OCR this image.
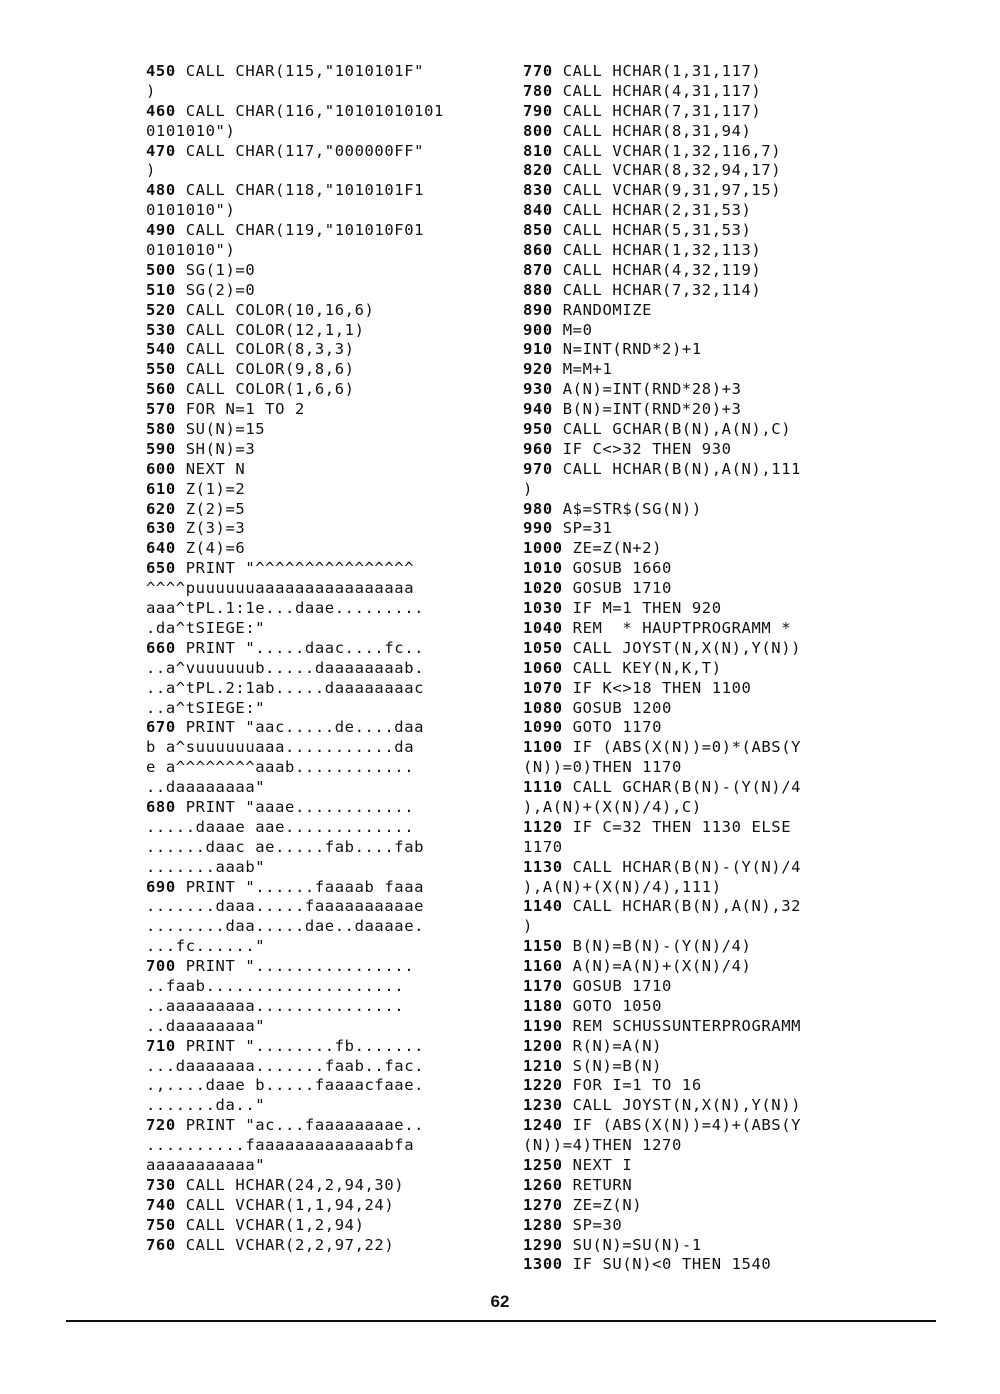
450 CALL CHAR(115,"1010101F"
)
460 CALL CHAR(116,"10101010101
0101010")
470 CALL CHAR(117,"000000FF"
)
480 CALL CHAR(118,"1010101F1
0101010")
490 CALL CHAR(119,"101010F01
0101010")
500 SG(1)=0
510 SG(2)=0
520 CALL COLOR(10,16,6)
530 CALL COLOR(12,1,1)
540 CALL COLOR(8,3,3)
550 CALL COLOR(9,8,6)
560 CALL COLOR(1,6,6)
570 FOR N=1 TO 2
580 SU(N)=15
590 SH(N)=3
600 NEXT N
610 Z(1)=2
620 Z(2)=5
630 Z(3)=3
640 Z(4)=6
650 PRINT "^^^^^^^^^^^^^^^^
^^^^puuuuuuaaaaaaaaaaaaaaaa
aaa^tPL.1:1e...daae.........
.da^tSIEGE:"
660 PRINT ".....daac....fc..
..a^vuuuuuub.....daaaaaaaab.
..a^tPL.2:1ab.....daaaaaaaac
..a^tSIEGE:"
670 PRINT "aac.....de....daa
b a^suuuuuuaaa...........da
e a^^^^^^^^aaab............
..daaaaaaaa"
680 PRINT "aaae............
.....daaae aae.............
......daac ae.....fab....fab
.......aaab"
690 PRINT "......faaaab faaa
.......daaa.....faaaaaaaaaae
........daa.....dae..daaaae.
...fc......"
700 PRINT "................
..faab....................
..aaaaaaaaa...............
..daaaaaaaa"
710 PRINT "........fb.......
...daaaaaaa.......faab..fac.
.,....daae b.....faaaacfaae.
.......da.."
720 PRINT "ac...faaaaaaaae..
..........faaaaaaaaaaaaabfa
aaaaaaaaaaa"
730 CALL HCHAR(24,2,94,30)
740 CALL VCHAR(1,1,94,24)
750 CALL VCHAR(1,2,94)
760 CALL VCHAR(2,2,97,22)
770 CALL HCHAR(1,31,117)
780 CALL HCHAR(4,31,117)
790 CALL HCHAR(7,31,117)
800 CALL HCHAR(8,31,94)
810 CALL VCHAR(1,32,116,7)
820 CALL VCHAR(8,32,94,17)
830 CALL VCHAR(9,31,97,15)
840 CALL HCHAR(2,31,53)
850 CALL HCHAR(5,31,53)
860 CALL HCHAR(1,32,113)
870 CALL HCHAR(4,32,119)
880 CALL HCHAR(7,32,114)
890 RANDOMIZE
900 M=0
910 N=INT(RND*2)+1
920 M=M+1
930 A(N)=INT(RND*28)+3
940 B(N)=INT(RND*20)+3
950 CALL GCHAR(B(N),A(N),C)
960 IF C<>32 THEN 930
970 CALL HCHAR(B(N),A(N),111
)
980 A$=STR$(SG(N))
990 SP=31
1000 ZE=Z(N+2)
1010 GOSUB 1660
1020 GOSUB 1710
1030 IF M=1 THEN 920
1040 REM  * HAUPTPROGRAMM *
1050 CALL JOYST(N,X(N),Y(N))
1060 CALL KEY(N,K,T)
1070 IF K<>18 THEN 1100
1080 GOSUB 1200
1090 GOTO 1170
1100 IF (ABS(X(N))=0)*(ABS(Y
(N))=0)THEN 1170
1110 CALL GCHAR(B(N)-(Y(N)/4
),A(N)+(X(N)/4),C)
1120 IF C=32 THEN 1130 ELSE
1170
1130 CALL HCHAR(B(N)-(Y(N)/4
),A(N)+(X(N)/4),111)
1140 CALL HCHAR(B(N),A(N),32
)
1150 B(N)=B(N)-(Y(N)/4)
1160 A(N)=A(N)+(X(N)/4)
1170 GOSUB 1710
1180 GOTO 1050
1190 REM SCHUSSUNTERPROGRAMM
1200 R(N)=A(N)
1210 S(N)=B(N)
1220 FOR I=1 TO 16
1230 CALL JOYST(N,X(N),Y(N))
1240 IF (ABS(X(N))=4)+(ABS(Y
(N))=4)THEN 1270
1250 NEXT I
1260 RETURN
1270 ZE=Z(N)
1280 SP=30
1290 SU(N)=SU(N)-1
1300 IF SU(N)<0 THEN 1540
62
